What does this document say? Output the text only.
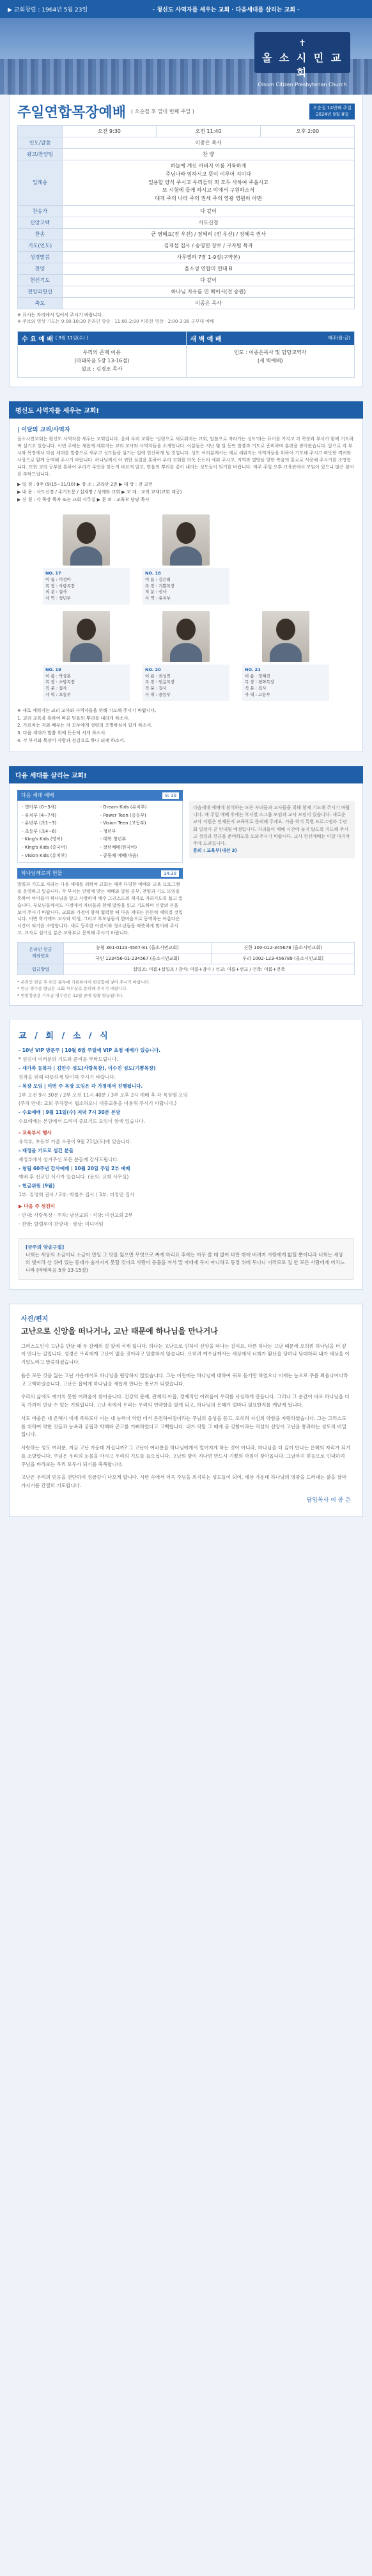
▶ 교회창립 : 1964년 5월 23일	- 청신도 사역자를 세우는 교회 · 다음세대를 살리는 교회 -
✝
올 소 시 민 교 회
Olsom Citizen Presbyterian Church
주일연합목장예배 ( 오순절 후 열네 번째 주일 )
오순절 14번째 주일
2024년 9월 8일
	오전 9:30	오전 11:40	오후 2:00
인도/말씀	이종은 목사		
광고/찬양팀	찬 양		
입례송	하늘에 계신 아버지 이름 거룩하게
주님나라 임하시고 뜻이 이루어 지이다
일용할 양식 주시고 우리들의 죄 모두 사하여 주옵시고
또 시험에 들게 하시고 악에서 구원하소서
대개 주의 나라 주의 권세 주의 영광 영원히 아멘		
찬송가	다 같이		
신앙고백	사도신경		
찬송	군 영혜요(전 우선) / 장혜리 (전 우선) / 장혜숙 권사		
기도(인도)	김재섭 집사 / 송영민 장로 / 구자원 목자		
성경말씀	사무엘하 7장 1-9절(구약본)		
찬양	올소성 연합미 연대 B		
헌신기도	다 같이		
전망과헌신	하나님 자유를 연 메어서(전 송원)		
축도	이종은 목사		
※ 표시는 자리에서 일어서 주시기 바랍니다.
※ 주보와 영상 기도는 9:00-10:30 온라인 방송 · 11:00-2:00 비롯한 영상 · 2:00-3:30 군부대 예배
수 요 예 배
( 9월 11일(수) )
우리의 존재 이유
(마태복음 5장 13-16절)
설교 : 김경조 목사
새 벽 예 배	매주(월-금)
인도 : 이종은목사 및 담당교역자
(새 벽예배)
평신도 사역자를 세우는 교회!
| 이달의 교리/사역자
올소시민교회는 평신도 사역자를 세우는 교회입니다. 올해 우리 교회는 '성령으로 새로워지는 교회, 말씀으로 자라가는 성도'라는 표어를 가지고 각 목장과 부서가 함께 기도하며 섬기고 있습니다. 이번 주에는 새롭게 세워지는 교리 교사와 사역자들을 소개합니다. 이분들은 지난 몇 달 동안 말씀과 기도로 준비하며 훈련을 받아왔습니다. 앞으로 각 부서와 목장에서 다음 세대를 말씀으로 세우고 성도들을 섬기는 일에 헌신하게 될 것입니다. 성도 여러분께서는 새로 세워지는 사역자들을 위하여 기도해 주시고 따뜻한 격려와 사랑으로 함께 동역해 주시기 바랍니다. 하나님께서 이 귀한 섬김을 통하여 우리 교회를 더욱 든든히 세워 주시고, 지역과 열방을 향한 복음의 통로로 사용해 주시기를 소망합니다. 또한 교리 공부를 통하여 우리가 무엇을 믿는지 바르게 알고, 믿음의 뿌리를 깊이 내리는 성도들이 되기를 바랍니다. 매주 주일 오후 교육관에서 모임이 있으니 많은 참여를 부탁드립니다.
▶ 일 정 : 9주 (9/15~11/10) ▶ 장 소 : 교육관 2층 ▶ 대 상 : 전 교인
▶ 내 용 : 사도신경 / 주기도문 / 십계명 / 성례와 교회 ▶ 교 재 : 교리 교재(교회 제공)
▶ 신 청 : 각 목장 목자 또는 교회 사무실 ▶ 문 의 : 교육부 담당 목사
NO. 17
이 름 : 이정아
목 장 : 사랑목장
직 분 : 집사
사 역 : 청년부
NO. 18
이 름 : 김은희
목 장 : 기쁨목장
직 분 : 권사
사 역 : 유치부
NO. 19
이 름 : 박상훈
목 장 : 소망목장
직 분 : 집사
사 역 : 초등부
NO. 20
이 름 : 최성민
목 장 : 믿음목장
직 분 : 집사
사 역 : 중등부
NO. 21
이 름 : 정혜진
목 장 : 평화목장
직 분 : 집사
사 역 : 고등부
※ 새로 세워지는 교리 교사와 사역자들을 위해 기도해 주시기 바랍니다.
1. 교리 교육을 통하여 바른 믿음의 뿌리를 내리게 하소서.
2. 가르치는 자와 배우는 자 모두에게 성령의 조명하심이 있게 하소서.
3. 다음 세대가 말씀 위에 든든히 서게 하소서.
4. 각 부서와 목장이 사랑과 섬김으로 하나 되게 하소서.
다음 세대를 살리는 교회!
다음 세대 예배	9: 30
- 영아부 (0~3세)	- Dream Kids (유치부)
- 유치부 (4~7세)	- Power Teen (중등부)
- 유년부 (초1~3)	- Vision Teen (고등부)
- 초등부 (초4~6)	- 청년부
- King's Kids (영어)	- 대학 청년부
- King's Kids (중국어)	- 장년예배(한국어)
- Vision Kids (유치부)	- 공동체 예배(마음)
하나님께로의 헌물	14:30
말씀과 기도로 자라는 다음 세대를 위하여 교회는 매주 다양한 예배와 교육 프로그램을 운영하고 있습니다. 각 부서는 연령에 맞는 예배와 말씀 공부, 찬양과 기도 모임을 통하여 아이들이 하나님을 알고 사랑하며 예수 그리스도의 제자로 자라가도록 돕고 있습니다. 부모님들께서도 가정에서 자녀들과 함께 말씀을 읽고 기도하며 신앙의 본을 보여 주시기 바랍니다. 교회와 가정이 함께 협력할 때 다음 세대는 든든히 세워질 것입니다. 이번 학기에도 교사와 학생, 그리고 부모님들이 한마음으로 동역하는 아름다운 시간이 되기를 소망합니다. 새로 등록한 어린이와 청소년들을 따뜻하게 맞이해 주시고, 교사로 섬기실 분은 교육부로 문의해 주시기 바랍니다.
다음세대 예배에 참석하는 모든 자녀들과 교사들을 위해 함께 기도해 주시기 바랍니다. 매 주일 예배 후에는 부서별 소그룹 모임과 교사 모임이 있습니다. 새로운 교사 지원은 언제든지 교육부로 문의해 주세요. 가을 학기 특별 프로그램과 수련회 일정이 곧 안내될 예정입니다. 자녀들이 예배 시간에 늦지 않도록 지도해 주시고 성경과 헌금을 준비하도록 도와주시기 바랍니다. 교사 헌신예배는 이달 마지막 주에 드려집니다.
문의 : 교육부(내선 3)
온라인 헌금
계좌번호	농협 301-0123-4567-81 (올소시민교회)	신한 100-012-345678 (올소시민교회)
	국민 123456-01-234567 (올소시민교회)	우리 1002-123-456789 (올소시민교회)
입금방법	십일조: 이름+십일조 / 감사: 이름+감사 / 선교: 이름+선교 / 건축: 이름+건축	
* 온라인 헌금 후 헌금 봉투에 기록하시어 헌금함에 넣어 주시기 바랍니다.
* 헌금 영수증 발급은 교회 사무실로 문의해 주시기 바랍니다.
* 연말정산용 기부금 영수증은 12월 중에 일괄 발급됩니다.
교 / 회 / 소 / 식
- 10년 VIP 방문주 | 10월 6일 주일에 VIP 초청 예배가 있습니다.
* 섬김이 여러분의 기도와 준비를 부탁드립니다.
- 새가족 등록자 | 김민수 성도(사랑목장), 이수진 성도(기쁨목장)
정착을 위해 따뜻하게 맞이해 주시기 바랍니다.
- 목장 모임 | 이번 주 목장 모임은 각 가정에서 진행됩니다.
1부 오전 9시 30분 / 2부 오전 11시 40분 / 3부 오후 2시 예배 후 각 목장별 모임
(주차 안내: 교회 주차장이 협소하오니 대중교통을 이용해 주시기 바랍니다.)
- 수요예배 | 9월 11일(수) 저녁 7시 30분 본당
수요예배는 본당에서 드리며 중보기도 모임이 함께 있습니다.
- 교육부서 행사
유치부, 초등부 가을 소풍이 9월 21일(토)에 있습니다.
- 재정을 기도로 섬긴 분들
재정부에서 섬겨주신 모든 분들께 감사드립니다.
- 창립 60주년 감사예배 | 10월 20일 주일 2부 예배
예배 후 전교인 식사가 있습니다. (문의: 교회 사무실)
- 헌금위원 (9월)
1부: 김영희 권사 / 2부: 박철수 집사 / 3부: 이정민 집사
▶ 다음 주 섬김이
· 안내: 사랑목장 · 주차: 남선교회 · 식당: 여선교회 2부
· 찬양: 할렐루야 찬양대 · 영상: 미디어팀
[금주의 암송구절]
너희는 세상의 소금이니 소금이 만일 그 맛을 잃으면 무엇으로 짜게 하리요 후에는 아무 쓸 데 없어 다만 밖에 버려져 사람에게 밟힐 뿐이니라 너희는 세상의 빛이라 산 위에 있는 동네가 숨겨지지 못할 것이요 사람이 등불을 켜서 말 아래에 두지 아니하고 등경 위에 두나니 이러므로 집 안 모든 사람에게 비치느니라 (마태복음 5장 13-15절)
사진/편지
고난으로 신앙을 떠나거나, 고난 때문에 하나님을 만나거나
그리스도인이 고난을 만날 때 두 갈래의 길 앞에 서게 됩니다. 하나는 고난으로 인하여 신앙을 떠나는 길이요, 다른 하나는 고난 때문에 오히려 하나님을 더 깊이 만나는 길입니다. 성경은 우리에게 고난이 없을 것이라고 말씀하지 않습니다. 오히려 예수님께서는 세상에서 너희가 환난을 당하나 담대하라 내가 세상을 이기었노라고 말씀하셨습니다.
욥은 모든 것을 잃는 고난 가운데서도 하나님을 원망하지 않았습니다. 그는 이전에는 하나님에 대하여 귀로 듣기만 하였으나 이제는 눈으로 주를 뵈옵나이다라고 고백하였습니다. 고난은 욥에게 하나님을 새롭게 만나는 통로가 되었습니다.
우리의 삶에도 예기치 못한 어려움이 찾아옵니다. 건강의 문제, 관계의 아픔, 경제적인 어려움이 우리를 낙심하게 만듭니다. 그러나 그 순간이 바로 하나님을 더욱 가까이 만날 수 있는 기회입니다. 고난 속에서 우리는 우리의 연약함을 알게 되고, 하나님의 은혜가 얼마나 필요한지를 깨닫게 됩니다.
사도 바울은 내 은혜가 네게 족하도다 이는 내 능력이 약한 데서 온전하여짐이라는 주님의 음성을 듣고, 오히려 자신의 약함을 자랑하였습니다. 그는 그리스도를 위하여 약한 것들과 능욕과 궁핍과 박해와 곤고를 기뻐하였다고 고백합니다. 내가 약할 그 때에 곧 강함이라는 역설의 신앙이 고난을 통과하는 성도의 비밀입니다.
사랑하는 성도 여러분, 지금 고난 가운데 계십니까? 그 고난이 여러분을 하나님에게서 멀어지게 하는 것이 아니라, 하나님을 더 깊이 만나는 은혜의 자리가 되기를 소망합니다. 주님은 우리의 눈물을 아시고 우리의 기도를 들으십니다. 고난의 밤이 지나면 반드시 기쁨의 아침이 찾아옵니다. 그날까지 믿음으로 인내하며 주님을 바라보는 우리 모두가 되기를 축복합니다.
고난은 우리의 믿음을 연단하여 정금같이 나오게 합니다. 시련 속에서 더욱 주님을 의지하는 성도들이 되어, 세상 가운데 하나님의 영광을 드러내는 삶을 살아가시기를 간절히 기도합니다.
담임목사 이 종 은
